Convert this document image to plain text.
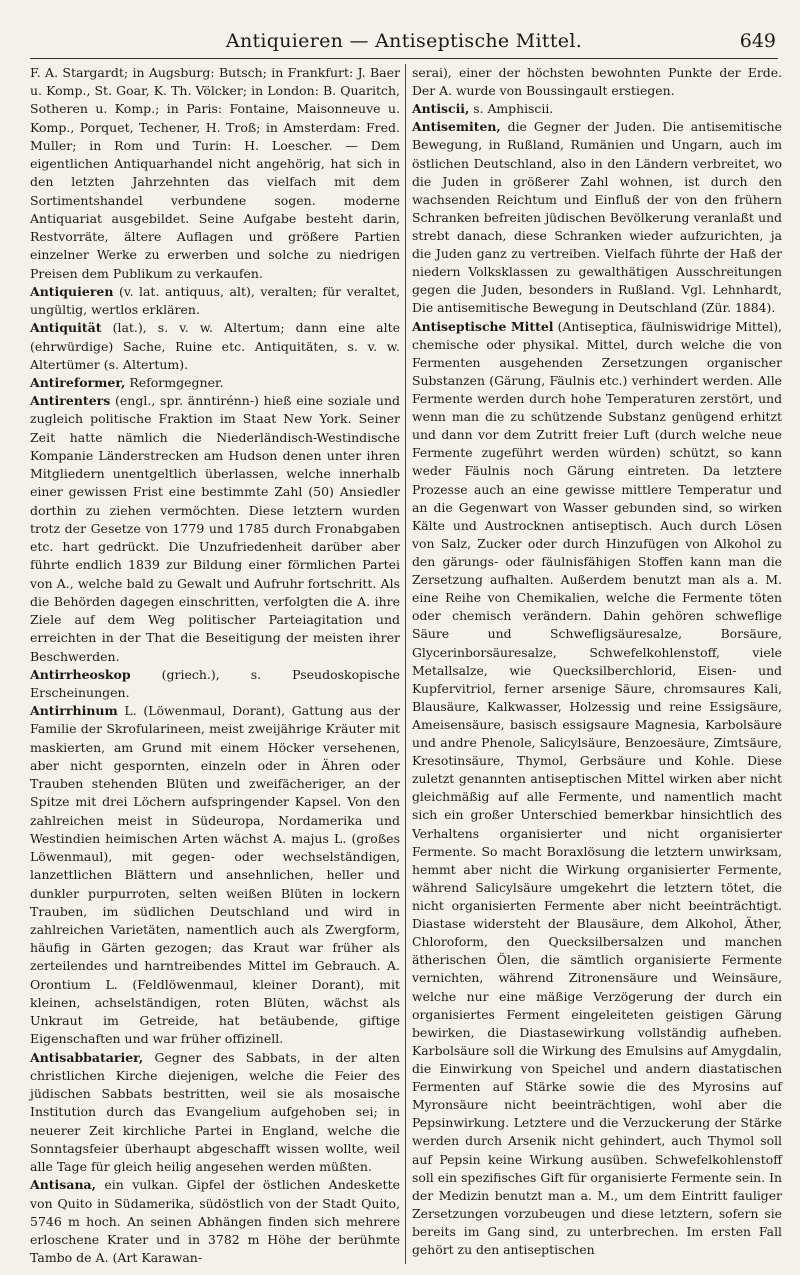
Antiquieren — Antiseptische Mittel.	649

F. A. Stargardt; in Augsburg: Butsch; in Frankfurt: J. Baer u. Komp., St. Goar, K. Th. Völcker; in London: B. Quaritch, Sotheren u. Komp.; in Paris: Fontaine, Maisonneuve u. Komp., Porquet, Techener, H. Troß; in Amsterdam: Fred. Muller; in Rom und Turin: H. Loescher. — Dem eigentlichen Antiquarhandel nicht angehörig, hat sich in den letzten Jahrzehnten das vielfach mit dem Sortimentshandel verbundene sogen. moderne Antiquariat ausgebildet. Seine Aufgabe besteht darin, Restvorräte, ältere Auflagen und größere Partien einzelner Werke zu erwerben und solche zu niedrigen Preisen dem Publikum zu verkaufen.

Antiquieren (v. lat. antiquus, alt), veralten; für veraltet, ungültig, wertlos erklären.

Antiquität (lat.), s. v. w. Altertum; dann eine alte (ehrwürdige) Sache, Ruine etc. Antiquitäten, s. v. w. Altertümer (s. Altertum).

Antireformer, Reformgegner.

Antirenters (engl., spr. änntirénn-) hieß eine soziale und zugleich politische Fraktion im Staat New York. Seiner Zeit hatte nämlich die Niederländisch-Westindische Kompanie Länderstrecken am Hudson denen unter ihren Mitgliedern unentgeltlich überlassen, welche innerhalb einer gewissen Frist eine bestimmte Zahl (50) Ansiedler dorthin zu ziehen vermöchten. Diese letztern wurden trotz der Gesetze von 1779 und 1785 durch Fronabgaben etc. hart gedrückt. Die Unzufriedenheit darüber aber führte endlich 1839 zur Bildung einer förmlichen Partei von A., welche bald zu Gewalt und Aufruhr fortschritt. Als die Behörden dagegen einschritten, verfolgten die A. ihre Ziele auf dem Weg politischer Parteiagitation und erreichten in der That die Beseitigung der meisten ihrer Beschwerden.

Antirrheoskop (griech.), s. Pseudoskopische Erscheinungen.

Antirrhinum L. (Löwenmaul, Dorant), Gattung aus der Familie der Skrofularineen, meist zweijährige Kräuter mit maskierten, am Grund mit einem Höcker versehenen, aber nicht gespornten, einzeln oder in Ähren oder Trauben stehenden Blüten und zweifächeriger, an der Spitze mit drei Löchern aufspringender Kapsel. Von den zahlreichen meist in Südeuropa, Nordamerika und Westindien heimischen Arten wächst A. majus L. (großes Löwenmaul), mit gegen- oder wechselständigen, lanzettlichen Blättern und ansehnlichen, heller und dunkler purpurroten, selten weißen Blüten in lockern Trauben, im südlichen Deutschland und wird in zahlreichen Varietäten, namentlich auch als Zwergform, häufig in Gärten gezogen; das Kraut war früher als zerteilendes und harntreibendes Mittel im Gebrauch. A. Orontium L. (Feldlöwenmaul, kleiner Dorant), mit kleinen, achselständigen, roten Blüten, wächst als Unkraut im Getreide, hat betäubende, giftige Eigenschaften und war früher offizinell.

Antisabbatarier, Gegner des Sabbats, in der alten christlichen Kirche diejenigen, welche die Feier des jüdischen Sabbats bestritten, weil sie als mosaische Institution durch das Evangelium aufgehoben sei; in neuerer Zeit kirchliche Partei in England, welche die Sonntagsfeier überhaupt abgeschafft wissen wollte, weil alle Tage für gleich heilig angesehen werden müßten.

Antisana, ein vulkan. Gipfel der östlichen Andeskette von Quito in Südamerika, südöstlich von der Stadt Quito, 5746 m hoch. An seinen Abhängen finden sich mehrere erloschene Krater und in 3782 m Höhe der berühmte Tambo de A. (Art Karawan-

serai), einer der höchsten bewohnten Punkte der Erde. Der A. wurde von Boussingault erstiegen.

Antiscii, s. Amphiscii.

Antisemiten, die Gegner der Juden. Die antisemitische Bewegung, in Rußland, Rumänien und Ungarn, auch im östlichen Deutschland, also in den Ländern verbreitet, wo die Juden in größerer Zahl wohnen, ist durch den wachsenden Reichtum und Einfluß der von den frühern Schranken befreiten jüdischen Bevölkerung veranlaßt und strebt danach, diese Schranken wieder aufzurichten, ja die Juden ganz zu vertreiben. Vielfach führte der Haß der niedern Volksklassen zu gewalthätigen Ausschreitungen gegen die Juden, besonders in Rußland. Vgl. Lehnhardt, Die antisemitische Bewegung in Deutschland (Zür. 1884).

Antiseptische Mittel (Antiseptica, fäulniswidrige Mittel), chemische oder physikal. Mittel, durch welche die von Fermenten ausgehenden Zersetzungen organischer Substanzen (Gärung, Fäulnis etc.) verhindert werden. Alle Fermente werden durch hohe Temperaturen zerstört, und wenn man die zu schützende Substanz genügend erhitzt und dann vor dem Zutritt freier Luft (durch welche neue Fermente zugeführt werden würden) schützt, so kann weder Fäulnis noch Gärung eintreten. Da letztere Prozesse auch an eine gewisse mittlere Temperatur und an die Gegenwart von Wasser gebunden sind, so wirken Kälte und Austrocknen antiseptisch. Auch durch Lösen von Salz, Zucker oder durch Hinzufügen von Alkohol zu den gärungs- oder fäulnisfähigen Stoffen kann man die Zersetzung aufhalten. Außerdem benutzt man als a. M. eine Reihe von Chemikalien, welche die Fermente töten oder chemisch verändern. Dahin gehören schweflige Säure und Schwefligsäuresalze, Borsäure, Glycerinborsäuresalze, Schwefelkohlenstoff, viele Metallsalze, wie Quecksilberchlorid, Eisen- und Kupfervitriol, ferner arsenige Säure, chromsaures Kali, Blausäure, Kalkwasser, Holzessig und reine Essigsäure, Ameisensäure, basisch essigsaure Magnesia, Karbolsäure und andre Phenole, Salicylsäure, Benzoesäure, Zimtsäure, Kresotinsäure, Thymol, Gerbsäure und Kohle. Diese zuletzt genannten antiseptischen Mittel wirken aber nicht gleichmäßig auf alle Fermente, und namentlich macht sich ein großer Unterschied bemerkbar hinsichtlich des Verhaltens organisierter und nicht organisierter Fermente. So macht Boraxlösung die letztern unwirksam, hemmt aber nicht die Wirkung organisierter Fermente, während Salicylsäure umgekehrt die letztern tötet, die nicht organisierten Fermente aber nicht beeinträchtigt. Diastase widersteht der Blausäure, dem Alkohol, Äther, Chloroform, den Quecksilbersalzen und manchen ätherischen Ölen, die sämtlich organisierte Fermente vernichten, während Zitronensäure und Weinsäure, welche nur eine mäßige Verzögerung der durch ein organisiertes Ferment eingeleiteten geistigen Gärung bewirken, die Diastasewirkung vollständig aufheben. Karbolsäure soll die Wirkung des Emulsins auf Amygdalin, die Einwirkung von Speichel und andern diastatischen Fermenten auf Stärke sowie die des Myrosins auf Myronsäure nicht beeinträchtigen, wohl aber die Pepsinwirkung. Letztere und die Verzuckerung der Stärke werden durch Arsenik nicht gehindert, auch Thymol soll auf Pepsin keine Wirkung ausüben. Schwefelkohlenstoff soll ein spezifisches Gift für organisierte Fermente sein. In der Medizin benutzt man a. M., um dem Eintritt fauliger Zersetzungen vorzubeugen und diese letztern, sofern sie bereits im Gang sind, zu unterbrechen. Im ersten Fall gehört zu den antiseptischen
